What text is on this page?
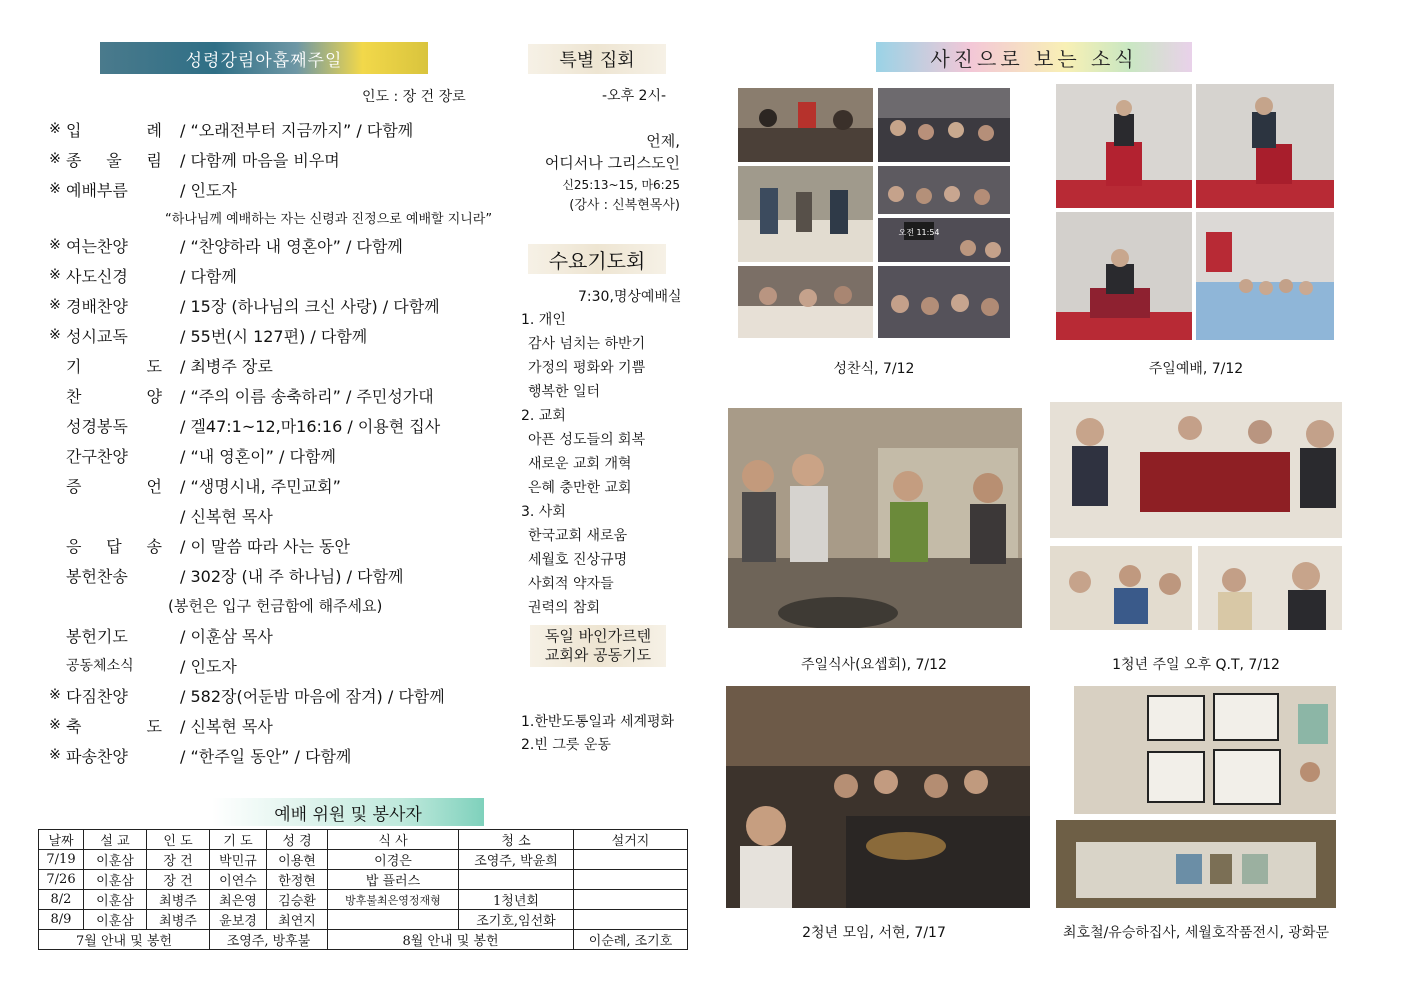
성령강림아홉째주일
인도 : 장 건 장로
※ 입 례	/ “오래전부터 지금까지” / 다함께
※ 종 울 림	/ 다함께 마음을 비우며
※ 예배부름	/ 인도자
※ 여는찬양	/ “찬양하라 내 영혼아” / 다함께
※ 사도신경	/ 다함께
※ 경배찬양	/ 15장 (하나님의 크신 사랑) / 다함께
※ 성시교독	/ 55번(시 127편) / 다함께
기 도	/ 최병주 장로
찬 양	/ “주의 이름 송축하리” / 주민성가대
성경봉독	/ 겔47:1~12,마16:16 / 이용현 집사
간구찬양	/ “내 영혼이” / 다함께
증 언	/ “생명시내, 주민교회”
/ 신복현 목사
응 답 송	/ 이 말씀 따라 사는 동안
봉헌찬송	/ 302장 (내 주 하나님) / 다함께
봉헌기도	/ 이훈삼 목사
공동체소식	/ 인도자
※ 다짐찬양	/ 582장(어둔밤 마음에 잠겨) / 다함께
※ 축 도	/ 신복현 목사
※ 파송찬양	/ “한주일 동안” / 다함께
“하나님께 예배하는 자는 신령과 진정으로 예배할 지니라”
(봉헌은 입구 헌금함에 해주세요)
예배 위원 및 봉사자
날짜	설 교	인 도	기 도	성 경	식 사	청 소	설거지
7/19	이훈삼	장 건	박민규	이용현	이경은	조영주, 박윤희	
7/26	이훈삼	장 건	이연수	한정현	밥 플러스		
8/2	이훈삼	최병주	최은영	김승환	방후불최은영정재형	1청년회	
8/9	이훈삼	최병주	윤보경	최연지		조기호,임선화	
7월 안내 및 봉헌			조영주, 방후불		8월 안내 및 봉헌		이순례, 조기호
특별 집회
-오후 2시-
언제,
어디서나 그리스도인
신25:13~15, 마6:25
(강사 : 신복현목사)
수요기도회
7:30,명상예배실
1. 개인
감사 넘치는 하반기
가정의 평화와 기쁨
행복한 일터
2. 교회
아픈 성도들의 회복
새로운 교회 개혁
은혜 충만한 교회
3. 사회
한국교회 새로움
세월호 진상규명
사회적 약자들
권력의 참회
독일 바인가르텐
교회와 공동기도
1.한반도통일과 세계평화
2.빈 그릇 운동
사진으로 보는 소식
오전 11:54
성찬식, 7/12	주일예배, 7/12
주일식사(요셉회), 7/12	1청년 주일 오후 Q.T, 7/12
2청년 모임, 서현, 7/17	최호철/유승하집사, 세월호작품전시, 광화문
